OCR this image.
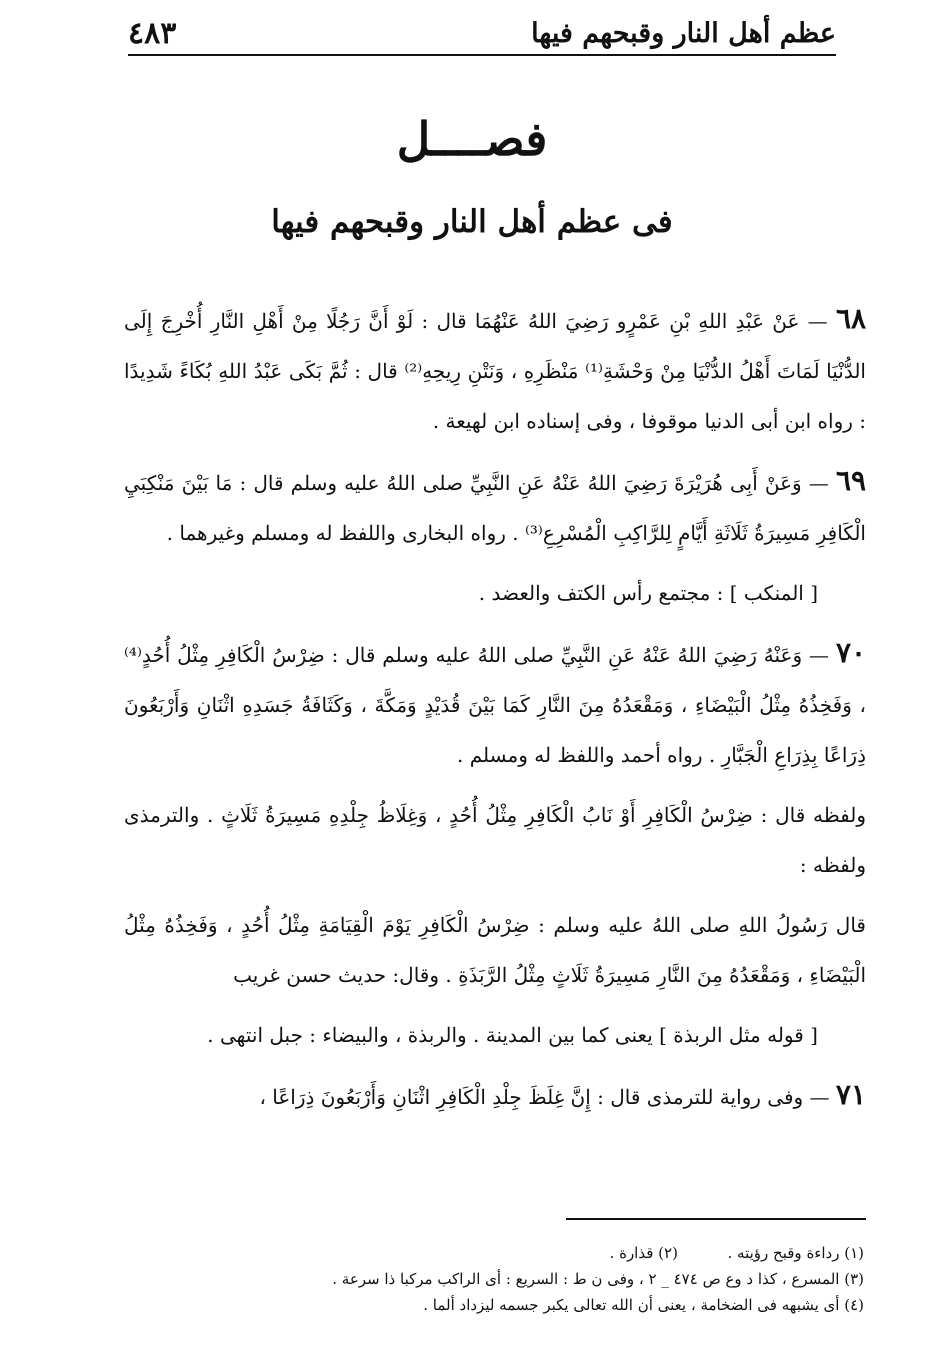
عظم أهل النار وقبحهم فيها
٤٨٣
فصــــل
فى عظم أهل النار وقبحهم فيها

٦٨ — عَنْ عَبْدِ اللهِ بْنِ عَمْرٍو رَضِيَ اللهُ عَنْهُمَا قال : لَوْ أَنَّ رَجُلًا مِنْ أَهْلِ النَّارِ أُخْرِجَ إِلَى الدُّنْيَا لَمَاتَ أَهْلُ الدُّنْيَا مِنْ وَحْشَةِ⁽¹⁾ مَنْظَرِهِ ، وَنَتْنِ رِيحِهِ⁽²⁾ قال : ثُمَّ بَكَى عَبْدُ اللهِ بُكَاءً شَدِيدًا : رواه ابن أبى الدنيا موقوفا ، وفى إسناده ابن لهيعة .

٦٩ — وَعَنْ أَبِى هُرَيْرَةَ رَضِيَ اللهُ عَنْهُ عَنِ النَّبِيِّ صلى اللهُ عليه وسلم قال : مَا بَيْنَ مَنْكِبَيِ الْكَافِرِ مَسِيرَةُ ثَلَاثَةِ أَيَّامٍ لِلرَّاكِبِ الْمُسْرِعِ⁽³⁾ . رواه البخارى واللفظ له ومسلم وغيرهما .

[ المنكب ] : مجتمع رأس الكتف والعضد .

٧٠ — وَعَنْهُ رَضِيَ اللهُ عَنْهُ عَنِ النَّبِيِّ صلى اللهُ عليه وسلم قال : ضِرْسُ الْكَافِرِ مِثْلُ أُحُدٍ⁽⁴⁾ ، وَفَخِذُهُ مِثْلُ الْبَيْضَاءِ ، وَمَقْعَدُهُ مِنَ النَّارِ كَمَا بَيْنَ قُدَيْدٍ وَمَكَّةَ ، وَكَثَافَةُ جَسَدِهِ اثْنَانِ وَأَرْبَعُونَ ذِرَاعًا بِذِرَاعِ الْجَبَّارِ . رواه أحمد واللفظ له ومسلم .

ولفظه قال : ضِرْسُ الْكَافِرِ أَوْ نَابُ الْكَافِرِ مِثْلُ أُحُدٍ ، وَغِلَاظُ جِلْدِهِ مَسِيرَةُ ثَلَاثٍ . والترمذى ولفظه :

قال رَسُولُ اللهِ صلى اللهُ عليه وسلم : ضِرْسُ الْكَافِرِ يَوْمَ الْقِيَامَةِ مِثْلُ أُحُدٍ ، وَفَخِذُهُ مِثْلُ الْبَيْضَاءِ ، وَمَقْعَدُهُ مِنَ النَّارِ مَسِيرَةُ ثَلَاثٍ مِثْلُ الرَّبَذَةِ . وقال: حديث حسن غريب

[ قوله مثل الربذة ] يعنى كما بين المدينة . والربذة ، والبيضاء : جبل انتهى .

٧١ — وفى رواية للترمذى قال : إِنَّ غِلَظَ جِلْدِ الْكَافِرِ اثْنَانِ وَأَرْبَعُونَ ذِرَاعًا ،

(١) رداءة وقبح رؤيته .  (٢) قذارة .
(٣) المسرع ، كذا د وع ص ٤٧٤ _ ٢ ، وفى ن ط : السريع : أى الراكب مركبا ذا سرعة .
(٤) أى يشبهه فى الضخامة ، يعنى أن الله تعالى يكبر جسمه ليزداد ألما .
